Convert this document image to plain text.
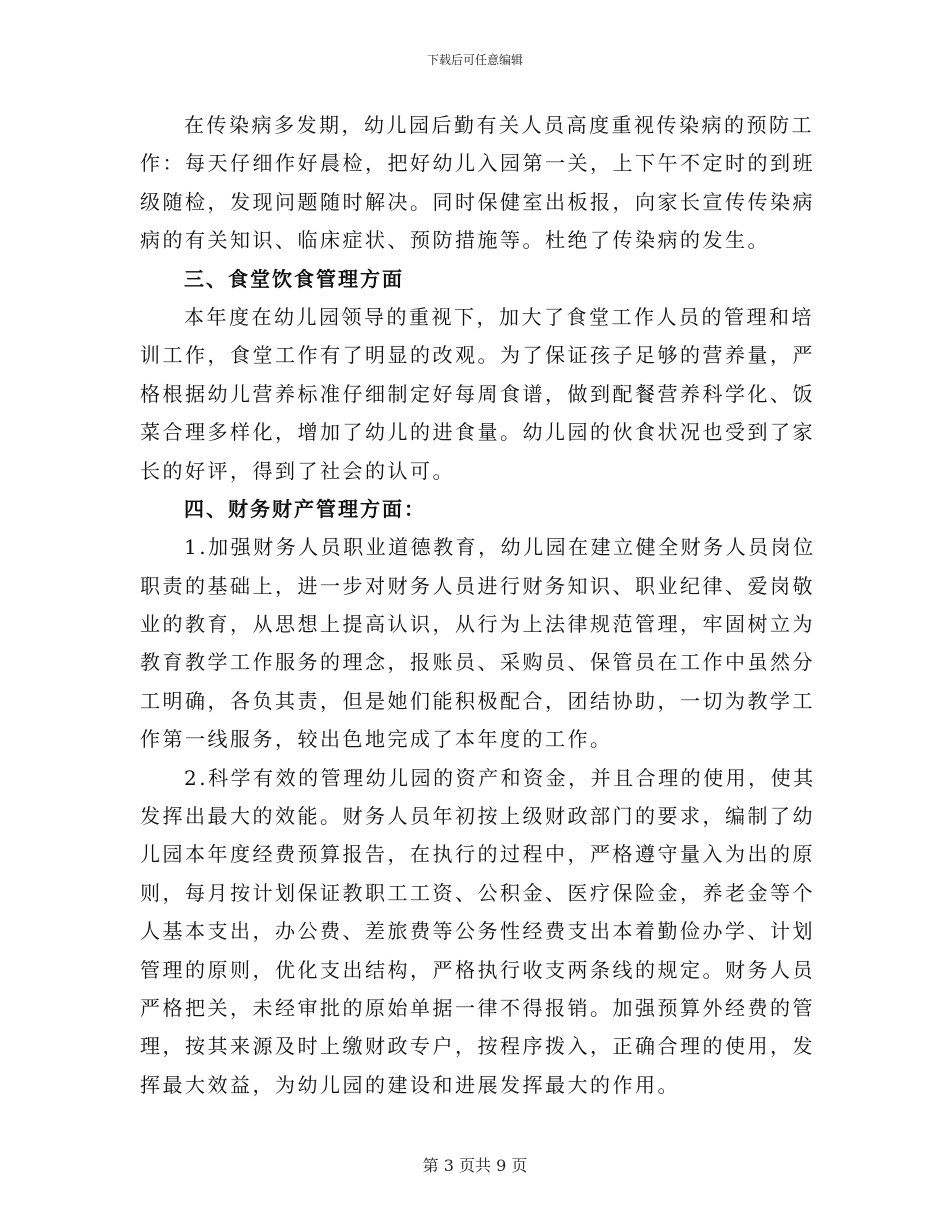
下载后可任意编辑
在传染病多发期，幼儿园后勤有关人员高度重视传染病的预防工
作：每天仔细作好晨检，把好幼儿入园第一关，上下午不定时的到班
级随检，发现问题随时解决。同时保健室出板报，向家长宣传传染病
病的有关知识、临床症状、预防措施等。杜绝了传染病的发生。
三、食堂饮食管理方面
本年度在幼儿园领导的重视下，加大了食堂工作人员的管理和培
训工作，食堂工作有了明显的改观。为了保证孩子足够的营养量，严
格根据幼儿营养标准仔细制定好每周食谱，做到配餐营养科学化、饭
菜合理多样化，增加了幼儿的进食量。幼儿园的伙食状况也受到了家
长的好评，得到了社会的认可。
四、财务财产管理方面：
1.加强财务人员职业道德教育，幼儿园在建立健全财务人员岗位
职责的基础上，进一步对财务人员进行财务知识、职业纪律、爱岗敬
业的教育，从思想上提高认识，从行为上法律规范管理，牢固树立为
教育教学工作服务的理念，报账员、采购员、保管员在工作中虽然分
工明确，各负其责，但是她们能积极配合，团结协助，一切为教学工
作第一线服务，较出色地完成了本年度的工作。
2.科学有效的管理幼儿园的资产和资金，并且合理的使用，使其
发挥出最大的效能。财务人员年初按上级财政部门的要求，编制了幼
儿园本年度经费预算报告，在执行的过程中，严格遵守量入为出的原
则，每月按计划保证教职工工资、公积金、医疗保险金，养老金等个
人基本支出，办公费、差旅费等公务性经费支出本着勤俭办学、计划
管理的原则，优化支出结构，严格执行收支两条线的规定。财务人员
严格把关，未经审批的原始单据一律不得报销。加强预算外经费的管
理，按其来源及时上缴财政专户，按程序拨入，正确合理的使用，发
挥最大效益，为幼儿园的建设和进展发挥最大的作用。
第 3 页共 9 页
